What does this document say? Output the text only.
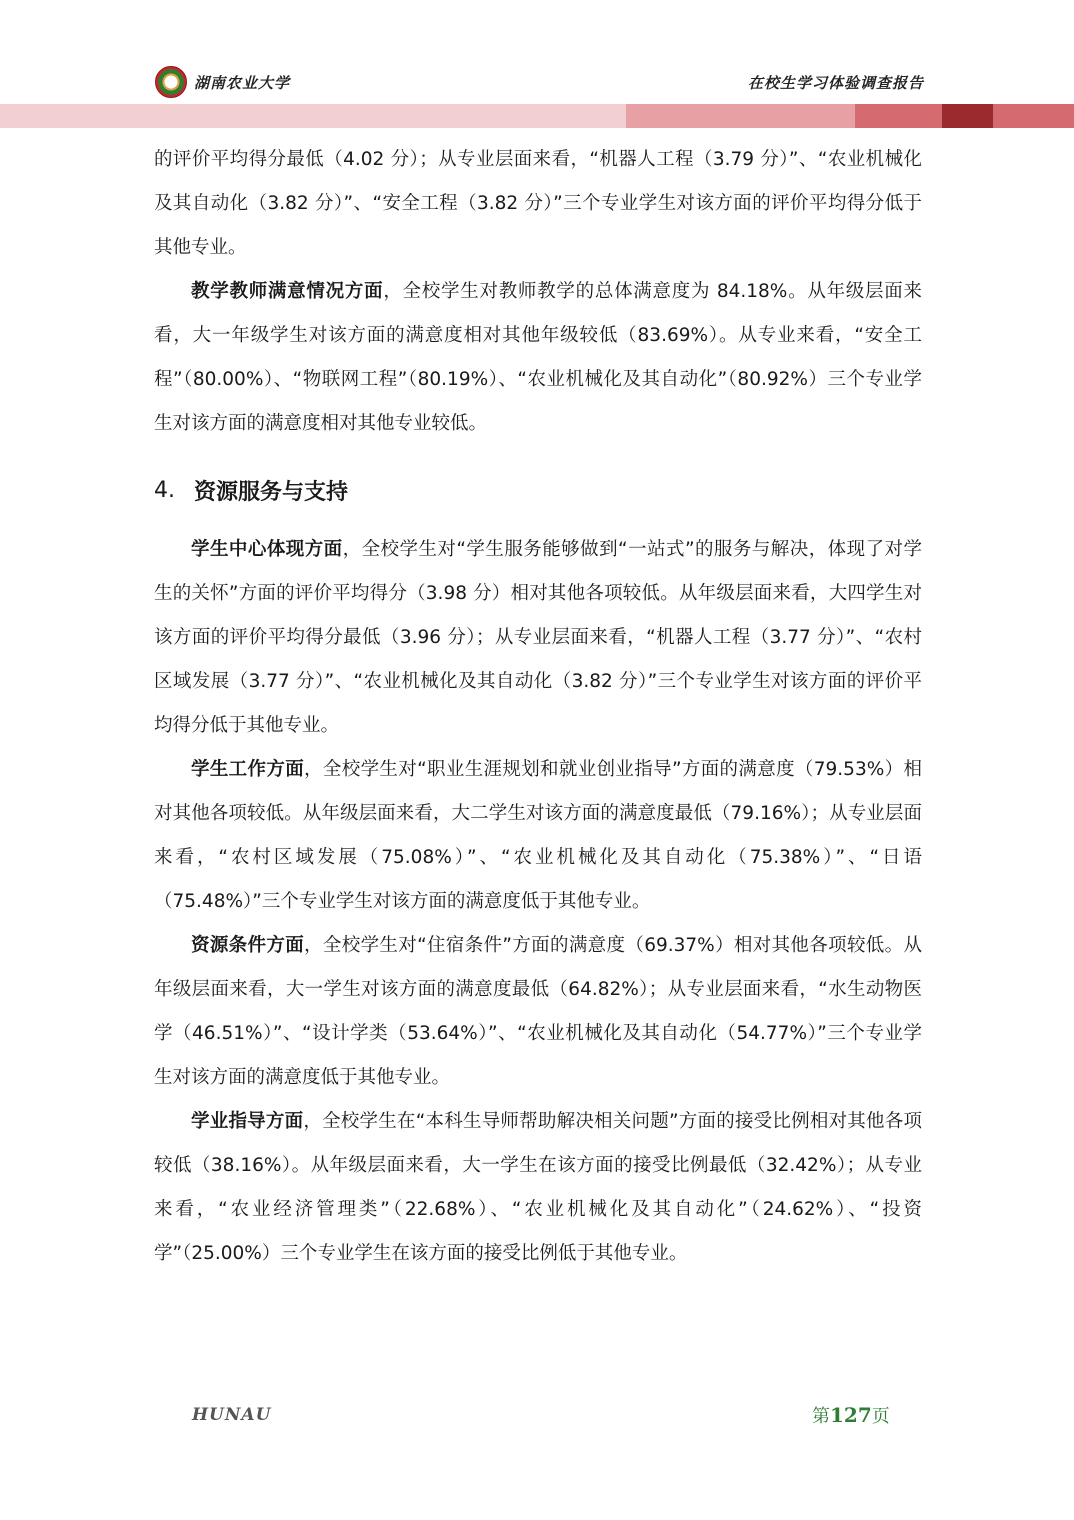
湖南农业大学	在校生学习体验调查报告

的评价平均得分最低（4.02 分）；从专业层面来看，“机器人工程（3.79 分）”、“农业机械化及其自动化（3.82 分）”、“安全工程（3.82 分）”三个专业学生对该方面的评价平均得分低于其他专业。

教学教师满意情况方面，全校学生对教师教学的总体满意度为 84.18%。从年级层面来看，大一年级学生对该方面的满意度相对其他年级较低（83.69%）。从专业来看，“安全工程”（80.00%）、“物联网工程”（80.19%）、“农业机械化及其自动化”（80.92%）三个专业学生对该方面的满意度相对其他专业较低。

4. 资源服务与支持

学生中心体现方面，全校学生对“学生服务能够做到“一站式”的服务与解决，体现了对学生的关怀”方面的评价平均得分（3.98 分）相对其他各项较低。从年级层面来看，大四学生对该方面的评价平均得分最低（3.96 分）；从专业层面来看，“机器人工程（3.77 分）”、“农村区域发展（3.77 分）”、“农业机械化及其自动化（3.82 分）”三个专业学生对该方面的评价平均得分低于其他专业。

学生工作方面，全校学生对“职业生涯规划和就业创业指导”方面的满意度（79.53%）相对其他各项较低。从年级层面来看，大二学生对该方面的满意度最低（79.16%）；从专业层面来看，“农村区域发展（75.08%）”、“农业机械化及其自动化（75.38%）”、“日语（75.48%）”三个专业学生对该方面的满意度低于其他专业。

资源条件方面，全校学生对“住宿条件”方面的满意度（69.37%）相对其他各项较低。从年级层面来看，大一学生对该方面的满意度最低（64.82%）；从专业层面来看，“水生动物医学（46.51%）”、“设计学类（53.64%）”、“农业机械化及其自动化（54.77%）”三个专业学生对该方面的满意度低于其他专业。

学业指导方面，全校学生在“本科生导师帮助解决相关问题”方面的接受比例相对其他各项较低（38.16%）。从年级层面来看，大一学生在该方面的接受比例最低（32.42%）；从专业来看，“农业经济管理类”（22.68%）、“农业机械化及其自动化”（24.62%）、“投资学”（25.00%）三个专业学生在该方面的接受比例低于其他专业。

HUNAU	第127页
